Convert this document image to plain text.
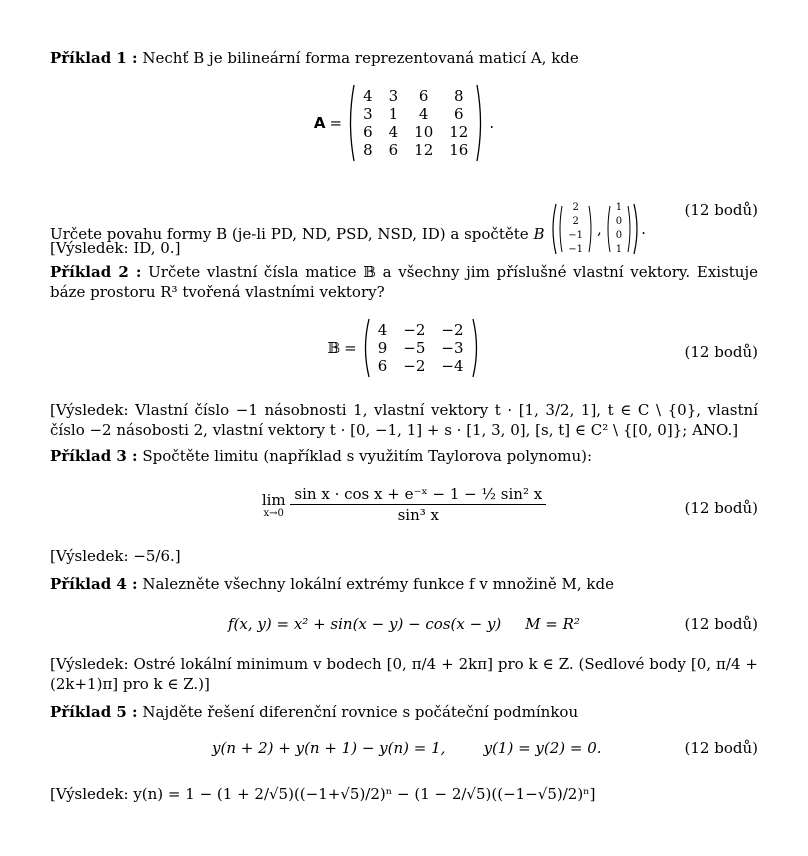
Příklad 1 : Nechť B je bilineární forma reprezentovaná maticí A, kde
A =
4	3	6	8
3	1	4	6
6	4	10	12
8	6	12	16
.
Určete povahu formy B (je-li PD, ND, PSD, NSD, ID) a spočtěte B
2
2
−1
−1
,
1
0
0
1
.
(12 bodů)
[Výsledek: ID, 0.]
Příklad 2 : Určete vlastní čísla matice 𝔹 a všechny jim příslušné vlastní vektory. Existuje báze prostoru R³ tvořená vlastními vektory?
𝔹 =
4	−2	−2
9	−5	−3
6	−2	−4
(12 bodů)
[Výsledek: Vlastní číslo −1 násobnosti 1, vlastní vektory t · [1, 3/2, 1], t ∈ C \ {0}, vlastní číslo −2 násobosti 2, vlastní vektory t · [0, −1, 1] + s · [1, 3, 0], [s, t] ∈ C² \ {[0, 0]}; ANO.]
Příklad 3 : Spočtěte limitu (například s využitím Taylorova polynomu):
lim
x→0
$\frac{\text{sin x · cos x + e⁻ˣ − 1 − ½ sin² x}}{\text{sin³ x}}$	(12 bodů)
[Výsledek: −5/6.]
Příklad 4 : Nalezněte všechny lokální extrémy funkce f v množině M, kde
f(x, y) = x² + sin(x − y) − cos(x − y)     M = R²	(12 bodů)
[Výsledek: Ostré lokální minimum v bodech [0, π/4 + 2kπ] pro k ∈ Z. (Sedlové body [0, π/4 + (2k+1)π] pro k ∈ Z.)]
Příklad 5 : Najděte řešení diferenční rovnice s počáteční podmínkou
y(n + 2) + y(n + 1) − y(n) = 1,        y(1) = y(2) = 0.	(12 bodů)
[Výsledek: y(n) = 1 − (1 + 2/√5)((−1+√5)/2)ⁿ − (1 − 2/√5)((−1−√5)/2)ⁿ]
